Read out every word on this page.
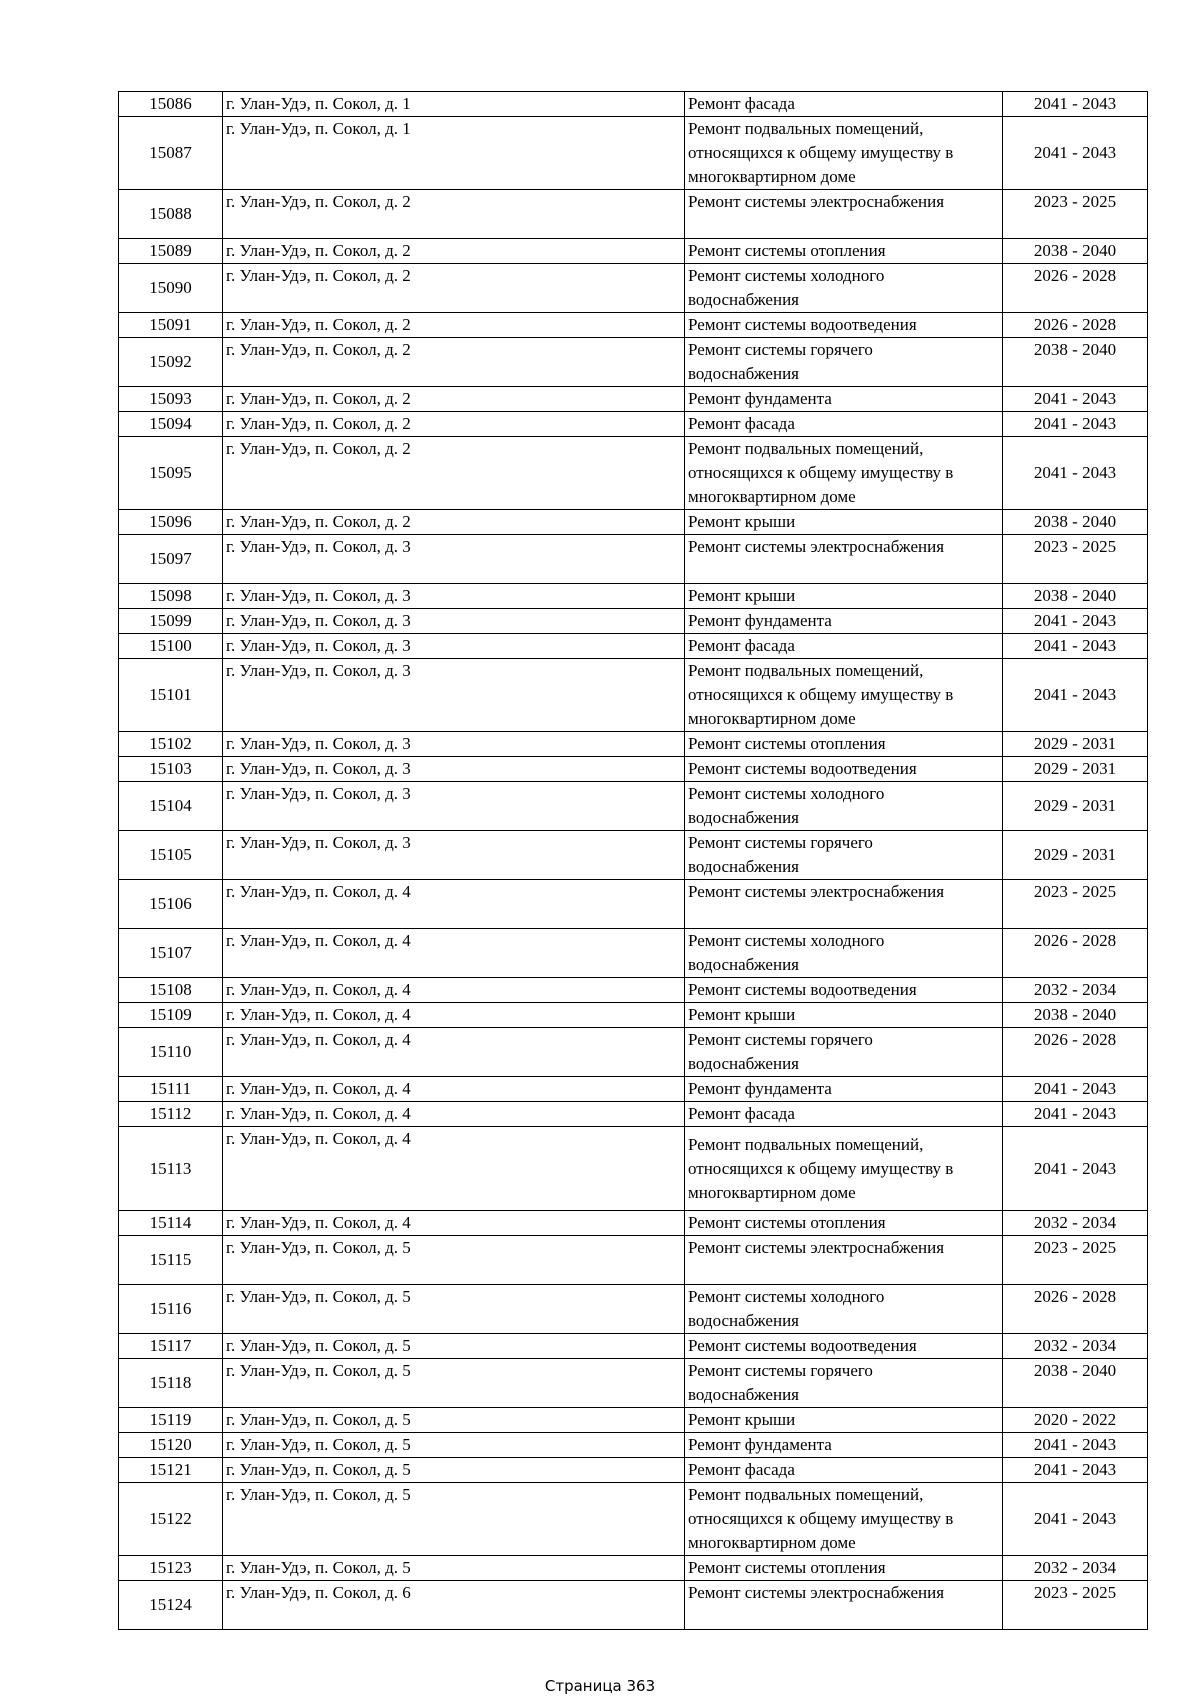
15086	г. Улан-Удэ, п. Сокол, д. 1	Ремонт фасада	2041 - 2043
15087	г. Улан-Удэ, п. Сокол, д. 1	Ремонт подвальных помещений,
относящихся к общему имуществу в
многоквартирном доме	2041 - 2043
15088	г. Улан-Удэ, п. Сокол, д. 2	Ремонт системы электроснабжения	2023 - 2025
15089	г. Улан-Удэ, п. Сокол, д. 2	Ремонт системы отопления	2038 - 2040
15090	г. Улан-Удэ, п. Сокол, д. 2	Ремонт системы холодного
водоснабжения	2026 - 2028
15091	г. Улан-Удэ, п. Сокол, д. 2	Ремонт системы водоотведения	2026 - 2028
15092	г. Улан-Удэ, п. Сокол, д. 2	Ремонт системы горячего
водоснабжения	2038 - 2040
15093	г. Улан-Удэ, п. Сокол, д. 2	Ремонт фундамента	2041 - 2043
15094	г. Улан-Удэ, п. Сокол, д. 2	Ремонт фасада	2041 - 2043
15095	г. Улан-Удэ, п. Сокол, д. 2	Ремонт подвальных помещений,
относящихся к общему имуществу в
многоквартирном доме	2041 - 2043
15096	г. Улан-Удэ, п. Сокол, д. 2	Ремонт крыши	2038 - 2040
15097	г. Улан-Удэ, п. Сокол, д. 3	Ремонт системы электроснабжения	2023 - 2025
15098	г. Улан-Удэ, п. Сокол, д. 3	Ремонт крыши	2038 - 2040
15099	г. Улан-Удэ, п. Сокол, д. 3	Ремонт фундамента	2041 - 2043
15100	г. Улан-Удэ, п. Сокол, д. 3	Ремонт фасада	2041 - 2043
15101	г. Улан-Удэ, п. Сокол, д. 3	Ремонт подвальных помещений,
относящихся к общему имуществу в
многоквартирном доме	2041 - 2043
15102	г. Улан-Удэ, п. Сокол, д. 3	Ремонт системы отопления	2029 - 2031
15103	г. Улан-Удэ, п. Сокол, д. 3	Ремонт системы водоотведения	2029 - 2031
15104	г. Улан-Удэ, п. Сокол, д. 3	Ремонт системы холодного
водоснабжения	2029 - 2031
15105	г. Улан-Удэ, п. Сокол, д. 3	Ремонт системы горячего
водоснабжения	2029 - 2031
15106	г. Улан-Удэ, п. Сокол, д. 4	Ремонт системы электроснабжения	2023 - 2025
15107	г. Улан-Удэ, п. Сокол, д. 4	Ремонт системы холодного
водоснабжения	2026 - 2028
15108	г. Улан-Удэ, п. Сокол, д. 4	Ремонт системы водоотведения	2032 - 2034
15109	г. Улан-Удэ, п. Сокол, д. 4	Ремонт крыши	2038 - 2040
15110	г. Улан-Удэ, п. Сокол, д. 4	Ремонт системы горячего
водоснабжения	2026 - 2028
15111	г. Улан-Удэ, п. Сокол, д. 4	Ремонт фундамента	2041 - 2043
15112	г. Улан-Удэ, п. Сокол, д. 4	Ремонт фасада	2041 - 2043
15113	г. Улан-Удэ, п. Сокол, д. 4	Ремонт подвальных помещений,
относящихся к общему имуществу в
многоквартирном доме	2041 - 2043
15114	г. Улан-Удэ, п. Сокол, д. 4	Ремонт системы отопления	2032 - 2034
15115	г. Улан-Удэ, п. Сокол, д. 5	Ремонт системы электроснабжения	2023 - 2025
15116	г. Улан-Удэ, п. Сокол, д. 5	Ремонт системы холодного
водоснабжения	2026 - 2028
15117	г. Улан-Удэ, п. Сокол, д. 5	Ремонт системы водоотведения	2032 - 2034
15118	г. Улан-Удэ, п. Сокол, д. 5	Ремонт системы горячего
водоснабжения	2038 - 2040
15119	г. Улан-Удэ, п. Сокол, д. 5	Ремонт крыши	2020 - 2022
15120	г. Улан-Удэ, п. Сокол, д. 5	Ремонт фундамента	2041 - 2043
15121	г. Улан-Удэ, п. Сокол, д. 5	Ремонт фасада	2041 - 2043
15122	г. Улан-Удэ, п. Сокол, д. 5	Ремонт подвальных помещений,
относящихся к общему имуществу в
многоквартирном доме	2041 - 2043
15123	г. Улан-Удэ, п. Сокол, д. 5	Ремонт системы отопления	2032 - 2034
15124	г. Улан-Удэ, п. Сокол, д. 6	Ремонт системы электроснабжения	2023 - 2025
Страница 363
